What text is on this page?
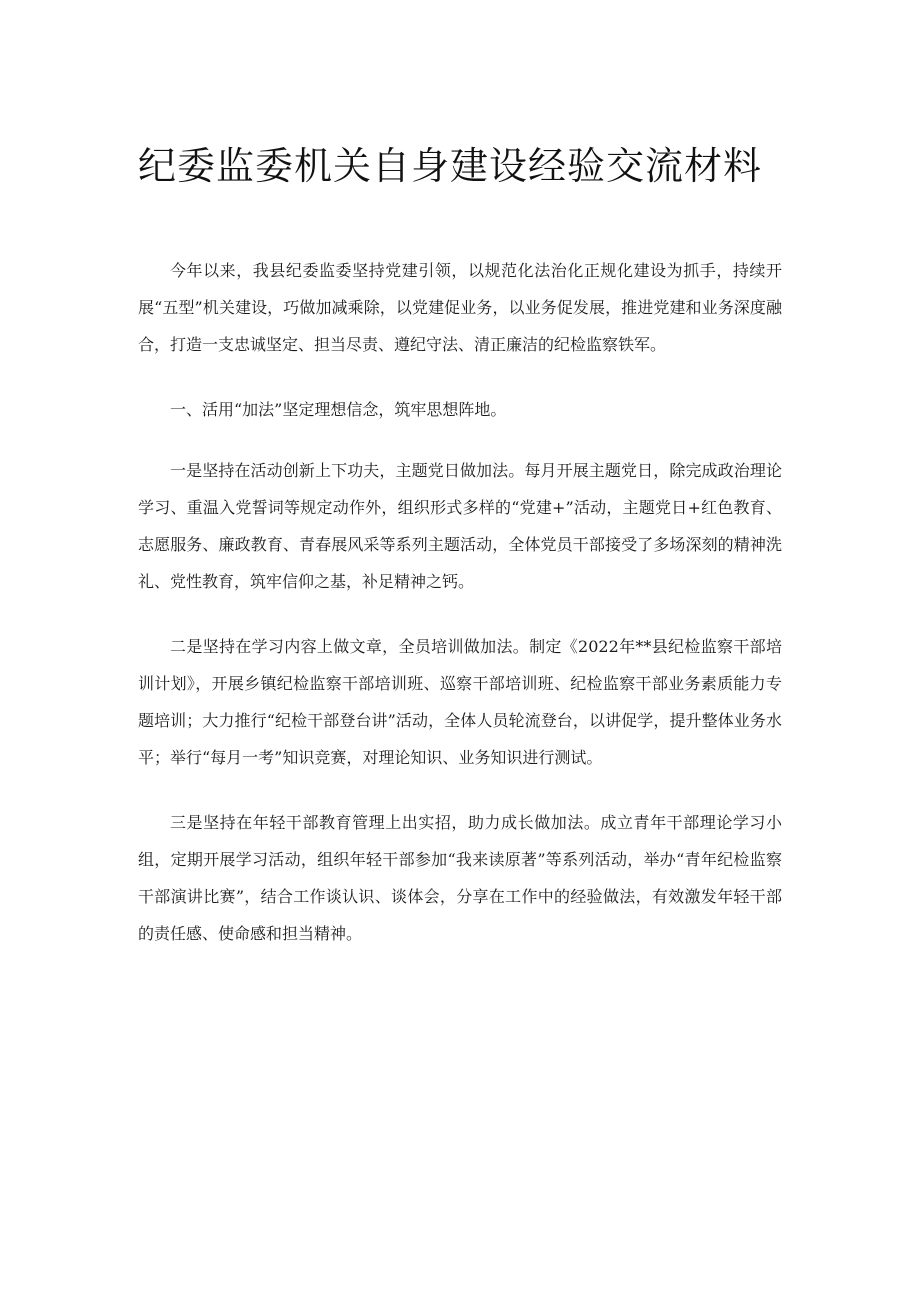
纪委监委机关自身建设经验交流材料

今年以来，我县纪委监委坚持党建引领，以规范化法治化正规化建设为抓手，持续开展“五型”机关建设，巧做加减乘除，以党建促业务，以业务促发展，推进党建和业务深度融合，打造一支忠诚坚定、担当尽责、遵纪守法、清正廉洁的纪检监察铁军。

一、活用“加法”坚定理想信念，筑牢思想阵地。

一是坚持在活动创新上下功夫，主题党日做加法。每月开展主题党日，除完成政治理论学习、重温入党誓词等规定动作外，组织形式多样的“党建+”活动，主题党日+红色教育、志愿服务、廉政教育、青春展风采等系列主题活动，全体党员干部接受了多场深刻的精神洗礼、党性教育，筑牢信仰之基，补足精神之钙。

二是坚持在学习内容上做文章，全员培训做加法。制定《2022年**县纪检监察干部培训计划》，开展乡镇纪检监察干部培训班、巡察干部培训班、纪检监察干部业务素质能力专题培训；大力推行“纪检干部登台讲”活动，全体人员轮流登台，以讲促学，提升整体业务水平；举行“每月一考”知识竞赛，对理论知识、业务知识进行测试。

三是坚持在年轻干部教育管理上出实招，助力成长做加法。成立青年干部理论学习小组，定期开展学习活动，组织年轻干部参加“我来读原著”等系列活动，举办“青年纪检监察干部演讲比赛”，结合工作谈认识、谈体会，分享在工作中的经验做法，有效激发年轻干部的责任感、使命感和担当精神。
